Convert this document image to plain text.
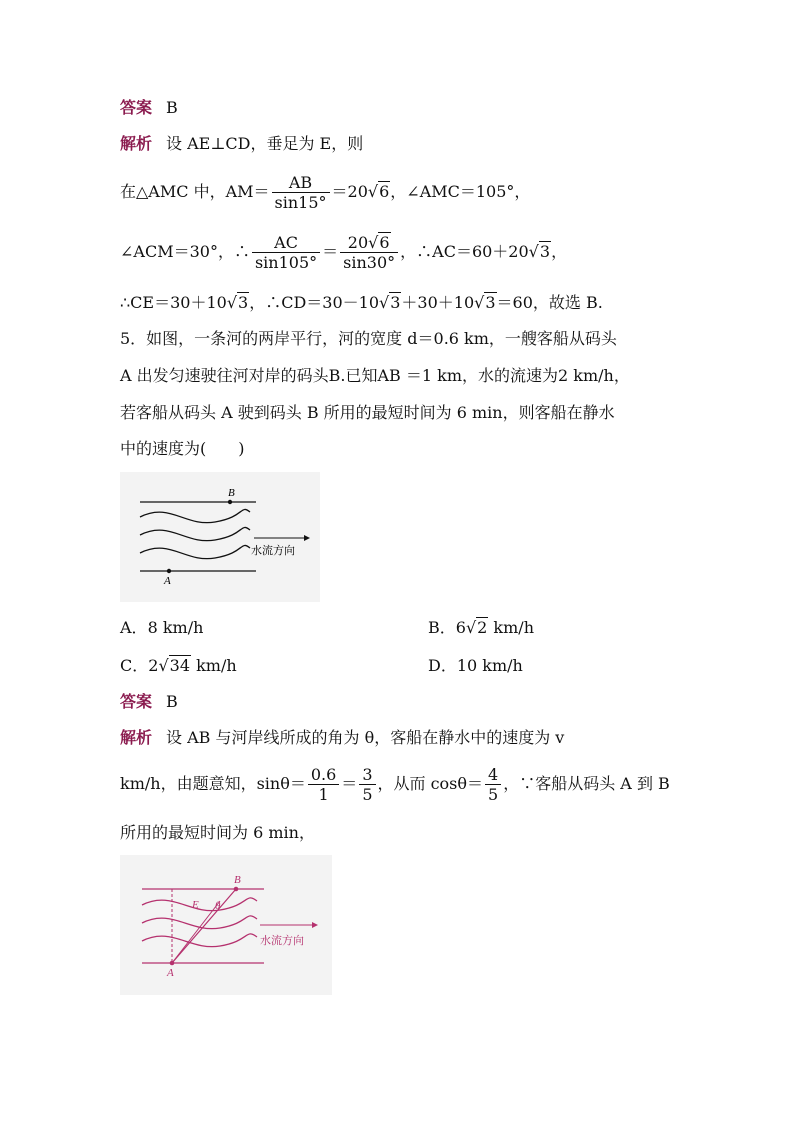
答案 B
解析 设 AE⊥CD，垂足为 E，则
在△AMC 中，$AM= \frac{AB}{\sin 15^\circ} =20√6$，∠AMC＝105°，
∠ACM＝30°，∴ $\frac{AC}{\sin 105^\circ} = \frac{20√6}{\sin 30^\circ}$ ，∴AC＝60＋20√3，
∴CE＝30＋10√3，∴CD＝30－10√3＋30＋10√3＝60，故选 B.
5．如图，一条河的两岸平行，河的宽度 d＝0.6 km，一艘客船从码头
A 出发匀速驶往河对岸的码头B.已知AB ＝1 km，水的流速为2 km/h，
若客船从码头 A 驶到码头 B 所用的最短时间为 6 min，则客船在静水
中的速度为(　　)
B
A
水流方向
A．8 km/h	B．6√2 km/h
C．2√34 km/h	D．10 km/h
答案 B
解析 设 AB 与河岸线所成的角为 θ，客船在静水中的速度为 v
km/h，由题意知，$\sin\theta= \frac{0.6}{1} = \frac{3}{5}$ ，从而 $\cos\theta= \frac{4}{5}$ ，∵客船从码头 A 到 B
所用的最短时间为 6 min，
B
A
E θ
水流方向
